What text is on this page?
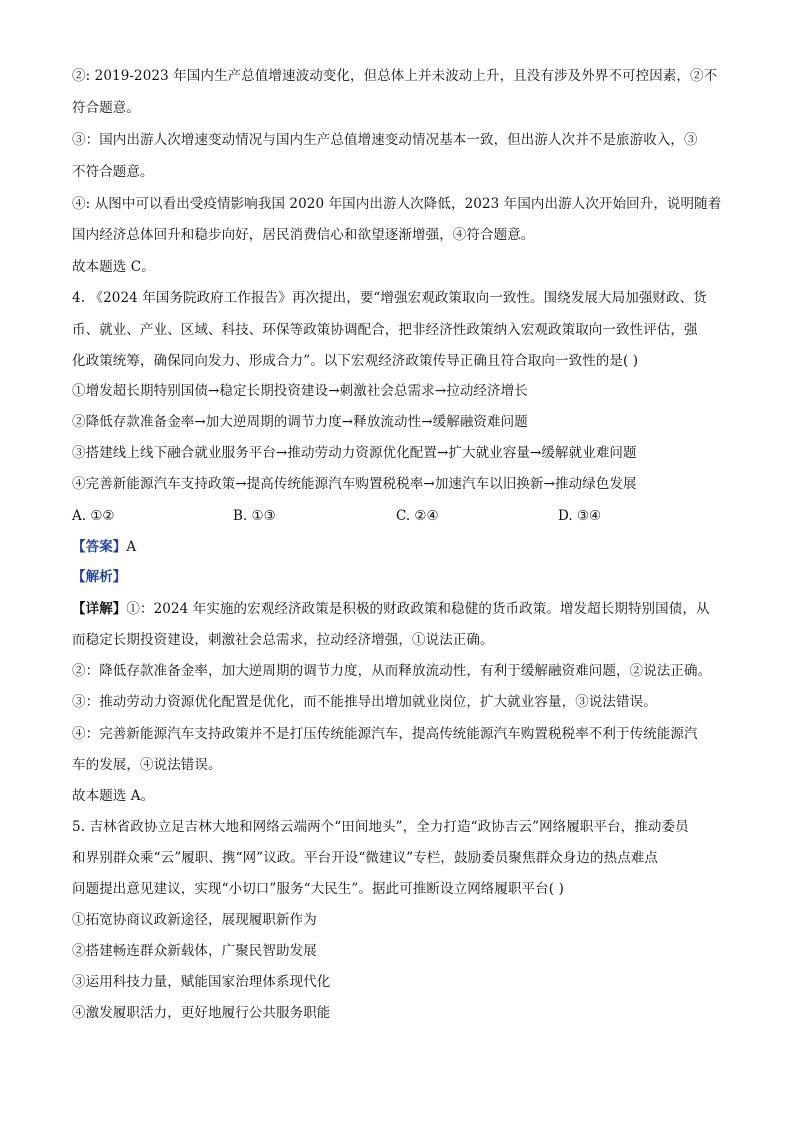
②: 2019-2023 年国内生产总值增速波动变化，但总体上并未波动上升，且没有涉及外界不可控因素，②不
符合题意。
③：国内出游人次增速变动情况与国内生产总值增速变动情况基本一致，但出游人次并不是旅游收入，③
不符合题意。
④: 从图中可以看出受疫情影响我国 2020 年国内出游人次降低，2023 年国内出游人次开始回升，说明随着
国内经济总体回升和稳步向好，居民消费信心和欲望逐渐增强，④符合题意。
故本题选 C。
4. 《2024 年国务院政府工作报告》再次提出，要“增强宏观政策取向一致性。围绕发展大局加强财政、货
币、就业、产业、区域、科技、环保等政策协调配合，把非经济性政策纳入宏观政策取向一致性评估，强
化政策统筹，确保同向发力、形成合力”。以下宏观经济政策传导正确且符合取向一致性的是( )
①增发超长期特别国债→稳定长期投资建设→刺激社会总需求→拉动经济增长
②降低存款准备金率→加大逆周期的调节力度→释放流动性→缓解融资难问题
③搭建线上线下融合就业服务平台→推动劳动力资源优化配置→扩大就业容量→缓解就业难问题
④完善新能源汽车支持政策→提高传统能源汽车购置税税率→加速汽车以旧换新→推动绿色发展
A. ①②	B. ①③	C. ②④	D. ③④
【答案】A
【解析】
【详解】①：2024 年实施的宏观经济政策是积极的财政政策和稳健的货币政策。增发超长期特别国债，从
而稳定长期投资建设，刺激社会总需求，拉动经济增强，①说法正确。
②：降低存款准备金率，加大逆周期的调节力度，从而释放流动性，有利于缓解融资难问题，②说法正确。
③：推动劳动力资源优化配置是优化，而不能推导出增加就业岗位，扩大就业容量，③说法错误。
④：完善新能源汽车支持政策并不是打压传统能源汽车，提高传统能源汽车购置税税率不利于传统能源汽
车的发展，④说法错误。
故本题选 A。
5. 吉林省政协立足吉林大地和网络云端两个“田间地头”，全力打造“政协吉云”网络履职平台，推动委员
和界别群众乘“云”履职、携“网”议政。平台开设“微建议”专栏，鼓励委员聚焦群众身边的热点难点
问题提出意见建议，实现“小切口”服务“大民生”。据此可推断设立网络履职平台( )
①拓宽协商议政新途径，展现履职新作为
②搭建畅连群众新载体，广聚民智助发展
③运用科技力量，赋能国家治理体系现代化
④激发履职活力，更好地履行公共服务职能
